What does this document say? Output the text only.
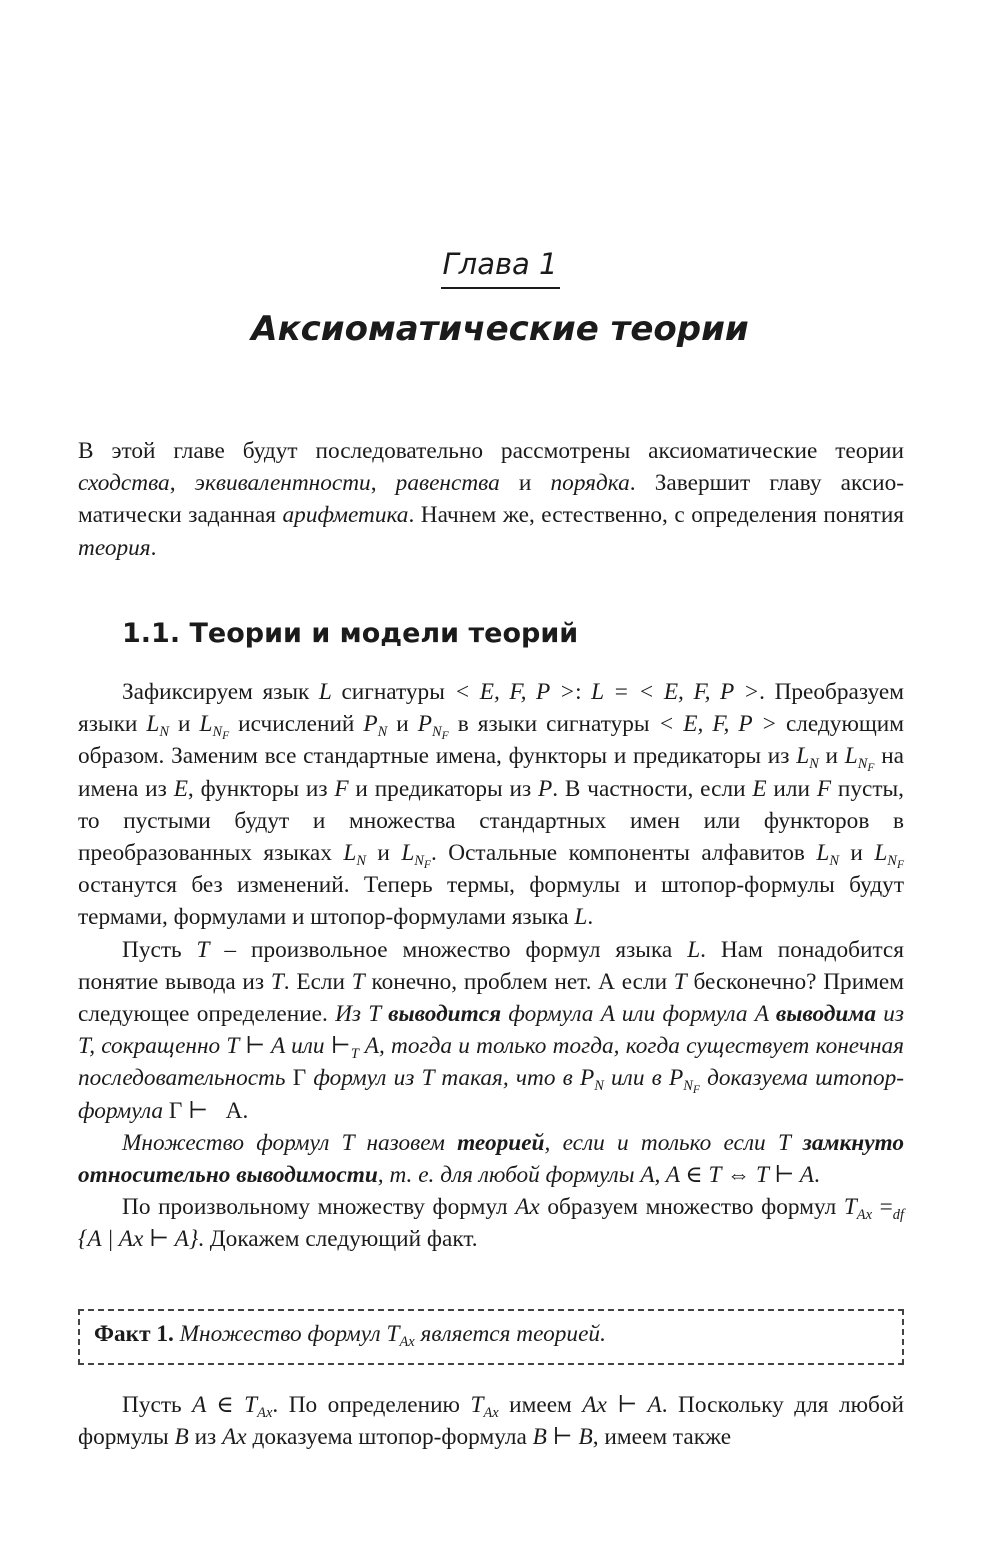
Глава 1
Аксиоматические теории

В этой главе будут последовательно рассмотрены аксиоматические теории сходства, эквивалентности, равенства и порядка. Завершит главу аксиоматически заданная арифметика. Начнем же, естественно, с определения понятия теория.

1.1. Теории и модели теорий

Зафиксируем язык L сигнатуры < E, F, P >: L = < E, F, P >. Преобразуем языки $L_N$ и $L_{N_F}$ исчислений $P_N$ и $P_{N_F}$ в языки сигнатуры < E, F, P > следующим образом. Заменим все стандартные имена, функторы и предикаторы из $L_N$ и $L_{N_F}$ на имена из E, функторы из F и предикаторы из P. В частности, если E или F пусты, то пустыми будут и множества стандартных имен или функторов в преобразованных языках $L_N$ и $L_{N_F}$. Остальные компоненты алфавитов $L_N$ и $L_{N_F}$ останутся без изменений. Теперь термы, формулы и штопор-формулы будут термами, формулами и штопор-формулами языка L.

Пусть T – произвольное множество формул языка L. Нам понадобится понятие вывода из T. Если T конечно, проблем нет. А если T бесконечно? Примем следующее определение. Из T выводится формула A или формула A выводима из T, сокращенно T ⊢ A или $⊢_T$ A, тогда и только тогда, когда существует конечная последовательность Γ формул из T такая, что в $P_N$ или в $P_{N_F}$ доказуема штопор-формула Γ ⊢   A.

Множество формул T назовем теорией, если и только если T замкнуто относительно выводимости, т. е. для любой формулы A, A ∈ T ⇔ T ⊢ A.

По произвольному множеству формул Ax образуем множество формул $T_{Ax} =_{df}$ {A | Ax ⊢ A}. Докажем следующий факт.

Факт 1. Множество формул $T_{Ax}$ является теорией.

Пусть A ∈ $T_{Ax}$. По определению $T_{Ax}$ имеем Ax ⊢ A. Поскольку для любой формулы B из Ax доказуема штопор-формула B ⊢ B, имеем также
